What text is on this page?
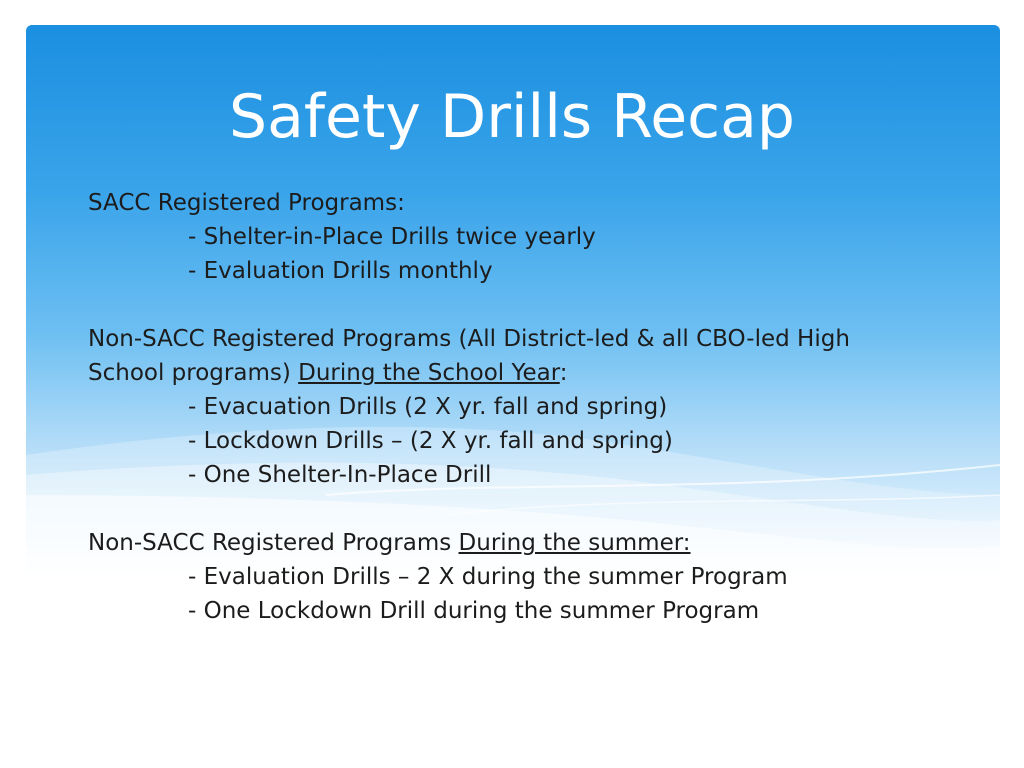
Safety Drills Recap
SACC Registered Programs:
- Shelter-in-Place Drills twice yearly
- Evaluation Drills monthly
Non-SACC Registered Programs (All District-led & all CBO-led High
School programs) During the School Year:
- Evacuation Drills (2 X yr. fall and spring)
- Lockdown Drills – (2 X yr. fall and spring)
- One Shelter-In-Place Drill
Non-SACC Registered Programs During the summer:
- Evaluation Drills – 2 X during the summer Program
- One Lockdown Drill during the summer Program
